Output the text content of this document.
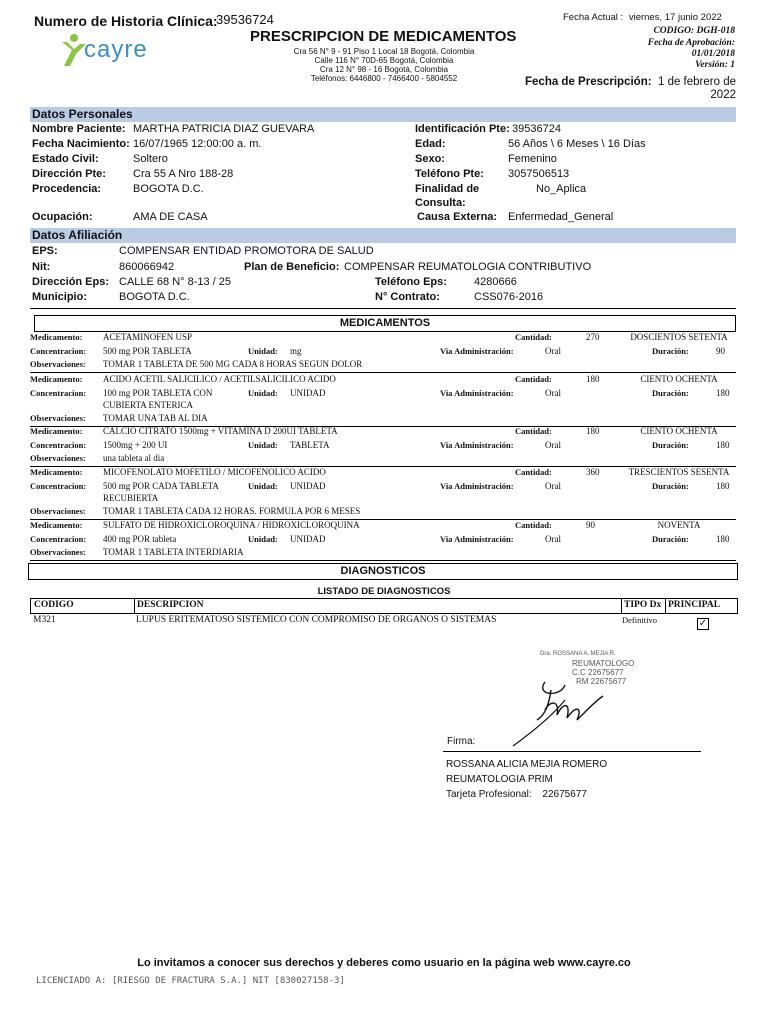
Numero de Historia Clínica:
39536724
cayre	PRESCRIPCION DE MEDICAMENTOS
Cra 56 N° 9 - 91 Piso 1 Local 18 Bogotá, Colombia
Calle 116 N° 70D-65 Bogotá, Colombia
Cra 12 N° 98 - 16 Bogotá, Colombia
Teléfonos: 6446800 - 7466400 - 5804552
Fecha Actual : viernes, 17 junio 2022
CODIGO: DGH-018
Fecha de Aprobación:
01/01/2018
Versión: 1
Fecha de Prescripción: 1 de febrero de
2022
Datos Personales
Nombre Paciente: MARTHA PATRICIA DIAZ GUEVARA	Identificación Pte: 39536724
Fecha Nacimiento: 16/07/1965 12:00:00 a. m.	Edad:	56 Años \ 6 Meses \ 16 Días
Estado Civil:	Soltero	Sexo:	Femenino
Dirección Pte: Cra 55 A Nro 188-28	Teléfono Pte: 3057506513
Procedencia:	BOGOTA D.C.	Finalidad de
Consulta:
No_Aplica
Ocupación:	AMA DE CASA	Causa Externa: Enfermedad_General
Datos Afiliación
EPS:	COMPENSAR ENTIDAD PROMOTORA DE SALUD
Nit:	860066942	Plan de Beneficio: COMPENSAR REUMATOLOGIA CONTRIBUTIVO
Dirección Eps: CALLE 68 N° 8-13 / 25	Teléfono Eps: 4280666
Municipio:	BOGOTA D.C.	N° Contrato:	CSS076-2016
MEDICAMENTOS
Medicamento: ACETAMINOFEN USP	Cantidad:	270	DOSCIENTOS SETENTA
Concentracion: 500 mg POR TABLETA	Unidad: mg	Via Administración:	Oral	Duración:	90
Observaciones: TOMAR 1 TABLETA DE 500 MG CADA 8 HORAS SEGUN DOLOR
Medicamento: ACIDO ACETIL SALICILICO / ACETILSALICILICO ACIDO	Cantidad:	180	CIENTO OCHENTA
Concentracion: 100 mg POR TABLETA CON
CUBIERTA ENTERICA
Unidad: UNIDAD	Via Administración:	Oral	Duración:	180
Observaciones: TOMAR UNA TAB AL DIA
Medicamento: CALCIO CITRATO 1500mg + VITAMINA D 200UI TABLETA	Cantidad:	180	CIENTO OCHENTA
Concentracion: 1500mg + 200 UI	Unidad: TABLETA	Via Administración:	Oral	Duración:	180
Observaciones: una tableta al dia
Medicamento: MICOFENOLATO MOFETILO / MICOFENOLICO ACIDO	Cantidad:	360	TRESCIENTOS SESENTA
Concentracion: 500 mg POR CADA TABLETA
RECUBIERTA
Unidad: UNIDAD	Via Administración:	Oral	Duración:	180
Observaciones: TOMAR 1 TABLETA CADA 12 HORAS. FORMULA POR 6 MESES
Medicamento: SULFATO DE HIDROXICLOROQUINA / HIDROXICLOROQUINA	Cantidad:	90	NOVENTA
Concentracion: 400 mg POR tableta	Unidad: UNIDAD	Via Administración:	Oral	Duración:	180
Observaciones: TOMAR 1 TABLETA INTERDIARIA
DIAGNOSTICOS
LISTADO DE DIAGNOSTICOS
CODIGO	DESCRIPCION	TIPO Dx PRINCIPAL
M321	LUPUS ERITEMATOSO SISTEMICO CON COMPROMISO DE ORGANOS O SISTEMAS	Definitivo	✓
Dra. ROSSANA A. MEJIA R.
REUMATOLOGO
C.C 22675677
RM 22675677
Firma:
ROSSANA ALICIA MEJIA ROMERO
REUMATOLOGIA PRIM
Tarjeta Profesional: 22675677
Lo invitamos a conocer sus derechos y deberes como usuario en la página web www.cayre.co
LICENCIADO A: [RIESGO DE FRACTURA S.A.] NIT [830027158-3]
